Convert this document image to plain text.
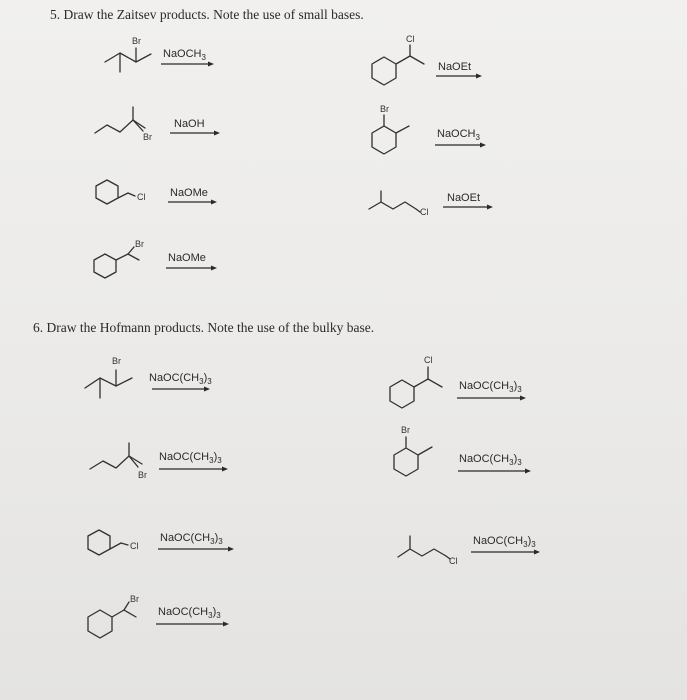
5. Draw the Zaitsev products. Note the use of small bases.
6. Draw the Hofmann products. Note the use of the bulky base.
Br
NaOCH$_3$
Br
NaOH
Cl NaOMe
Br
NaOMe
Cl
NaOEt
Br
NaOCH$_3$
Cl
NaOEt
Br
$NaOC(CH_3)_3$
Br
$NaOC(CH_3)_3$
Cl
$NaOC(CH_3)_3$
Br
$NaOC(CH_3)_3$
Cl
$NaOC(CH_3)_3$
Br
$NaOC(CH_3)_3$
Cl
$NaOC(CH_3)_3$
